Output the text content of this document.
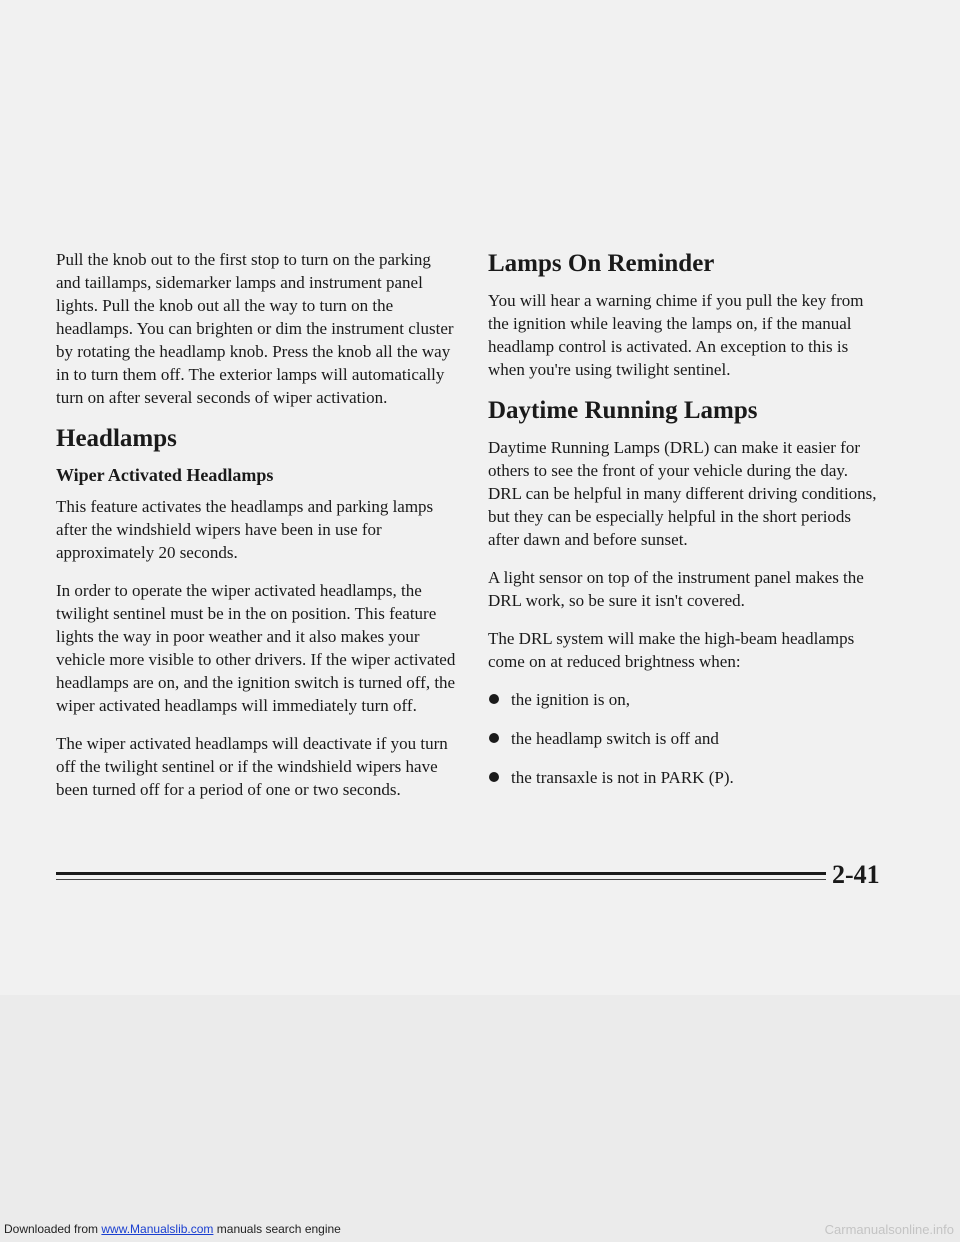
Pull the knob out to the first stop to turn on the parking and taillamps, sidemarker lamps and instrument panel lights. Pull the knob out all the way to turn on the headlamps. You can brighten or dim the instrument cluster by rotating the headlamp knob. Press the knob all the way in to turn them off. The exterior lamps will automatically turn on after several seconds of wiper activation.

Headlamps
Wiper Activated Headlamps

This feature activates the headlamps and parking lamps after the windshield wipers have been in use for approximately 20 seconds.

In order to operate the wiper activated headlamps, the twilight sentinel must be in the on position. This feature lights the way in poor weather and it also makes your vehicle more visible to other drivers. If the wiper activated headlamps are on, and the ignition switch is turned off, the wiper activated headlamps will immediately turn off.

The wiper activated headlamps will deactivate if you turn off the twilight sentinel or if the windshield wipers have been turned off for a period of one or two seconds.

Lamps On Reminder

You will hear a warning chime if you pull the key from the ignition while leaving the lamps on, if the manual headlamp control is activated. An exception to this is when you're using twilight sentinel.

Daytime Running Lamps

Daytime Running Lamps (DRL) can make it easier for others to see the front of your vehicle during the day. DRL can be helpful in many different driving conditions, but they can be especially helpful in the short periods after dawn and before sunset.

A light sensor on top of the instrument panel makes the DRL work, so be sure it isn't covered.

The DRL system will make the high-beam headlamps come on at reduced brightness when:

the ignition is on,
the headlamp switch is off and
the transaxle is not in PARK (P).
2-41
Downloaded from www.Manualslib.com manuals search engine	Carmanualsonline.info
